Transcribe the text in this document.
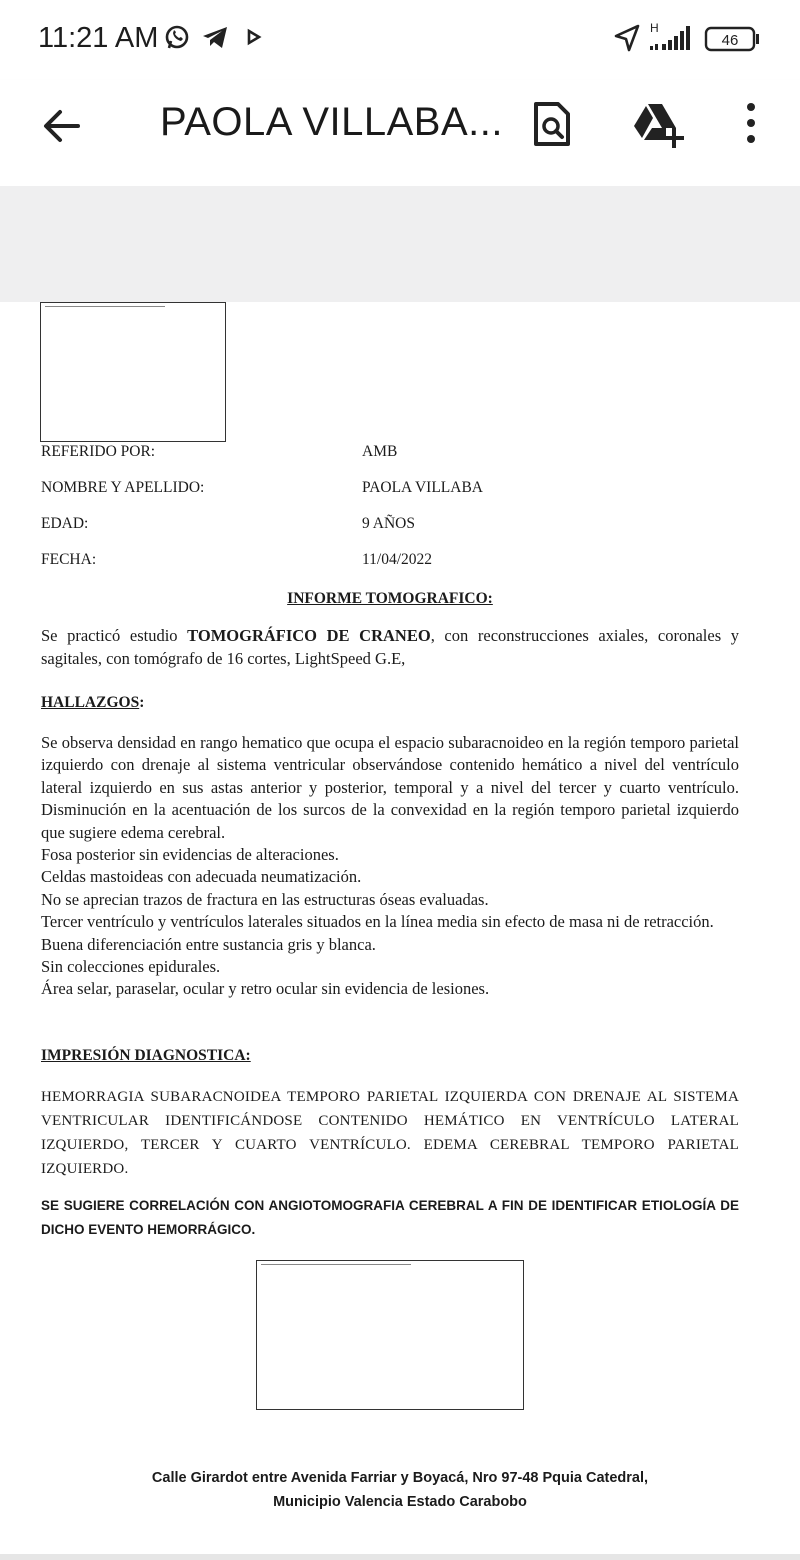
11:21 AM	H
46
PAOLA VILLABA...
REFERIDO POR:	AMB
NOMBRE Y APELLIDO:	PAOLA VILLABA
EDAD:	9 AÑOS
FECHA:	11/04/2022
INFORME TOMOGRAFICO:
Se practicó estudio TOMOGRÁFICO DE CRANEO, con reconstrucciones axiales, coronales y sagitales, con tomógrafo de 16 cortes, LightSpeed G.E,
HALLAZGOS:
Se observa densidad en rango hematico que ocupa el espacio subaracnoideo en la región temporo parietal izquierdo con drenaje al sistema ventricular observándose contenido hemático a nivel del ventrículo lateral izquierdo en sus astas anterior y posterior, temporal y a nivel del tercer y cuarto ventrículo. Disminución en la acentuación de los surcos de la convexidad en la región temporo parietal izquierdo que sugiere edema cerebral.
Fosa posterior sin evidencias de alteraciones.
Celdas mastoideas con adecuada neumatización.
No se aprecian trazos de fractura en las estructuras óseas evaluadas.
Tercer ventrículo y ventrículos laterales situados en la línea media sin efecto de masa ni de retracción.
Buena diferenciación entre sustancia gris y blanca.
Sin colecciones epidurales.
Área selar, paraselar, ocular y retro ocular sin evidencia de lesiones.
IMPRESIÓN DIAGNOSTICA:
HEMORRAGIA SUBARACNOIDEA TEMPORO PARIETAL IZQUIERDA CON DRENAJE AL SISTEMA VENTRICULAR IDENTIFICÁNDOSE CONTENIDO HEMÁTICO EN VENTRÍCULO LATERAL IZQUIERDO, TERCER Y CUARTO VENTRÍCULO. EDEMA CEREBRAL TEMPORO PARIETAL IZQUIERDO.
SE SUGIERE CORRELACIÓN CON ANGIOTOMOGRAFIA CEREBRAL A FIN DE IDENTIFICAR ETIOLOGÍA DE DICHO EVENTO HEMORRÁGICO.
Calle Girardot entre Avenida Farriar y Boyacá, Nro 97-48 Pquia Catedral,
Municipio Valencia Estado Carabobo
